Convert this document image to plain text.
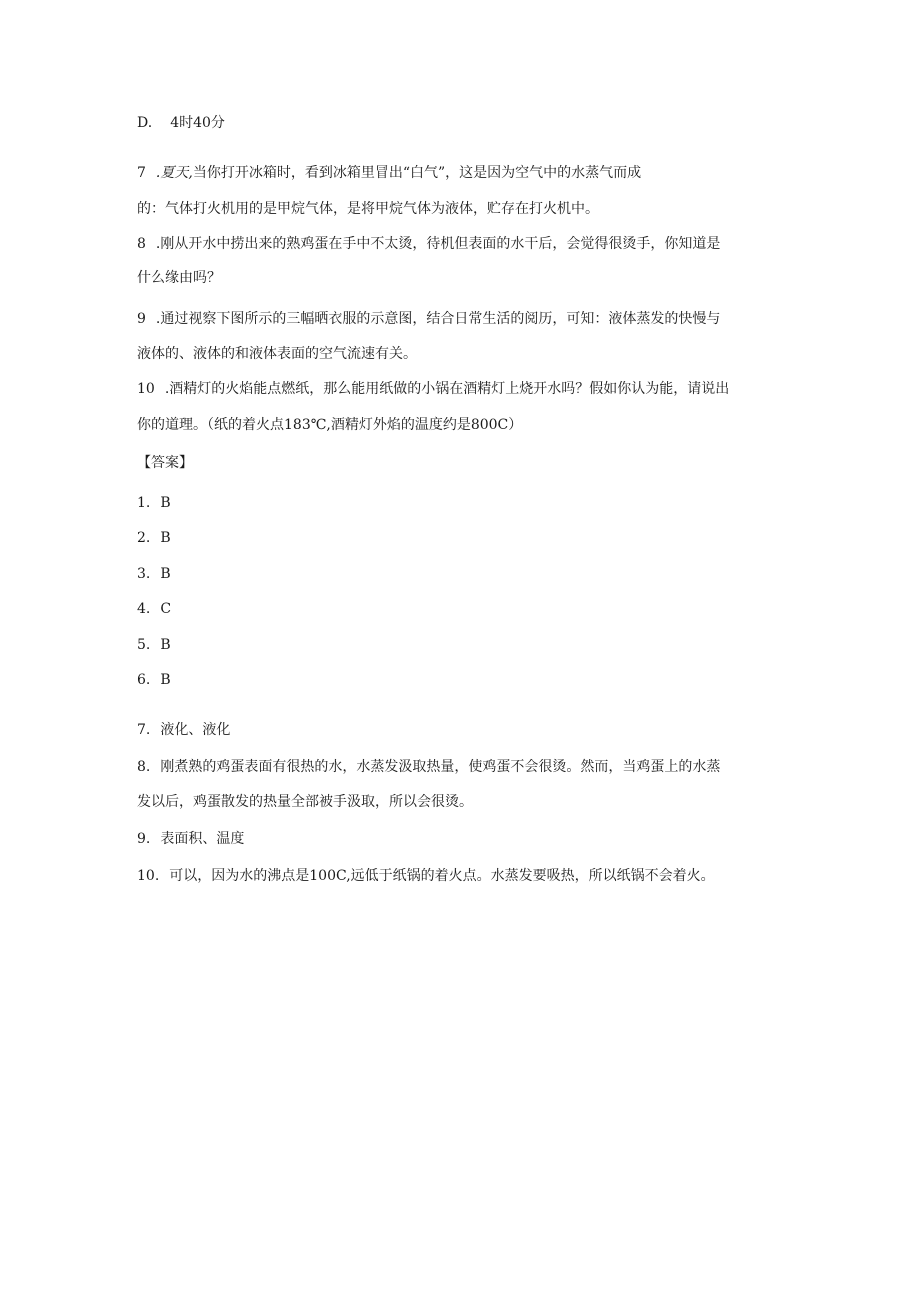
D. 4时40分
7 .夏天,当你打开冰箱时，看到冰箱里冒出“白气”，这是因为空气中的水蒸气而成
的：气体打火机用的是甲烷气体，是将甲烷气体为液体，贮存在打火机中。
8 .刚从开水中捞出来的熟鸡蛋在手中不太烫，待机但表面的水干后，会觉得很烫手，你知道是
什么缘由吗？
9 .通过视察下图所示的三幅晒衣服的示意图，结合日常生活的阅历，可知：液体蒸发的快慢与
液体的、液体的和液体表面的空气流速有关。
10 .酒精灯的火焰能点燃纸，那么能用纸做的小锅在酒精灯上烧开水吗？假如你认为能，请说出
你的道理。（纸的着火点183℃,酒精灯外焰的温度约是800C）
【答案】
1. B
2. B
3. B
4. C
5. B
6. B
7. 液化、液化
8. 刚煮熟的鸡蛋表面有很热的水，水蒸发汲取热量，使鸡蛋不会很烫。然而，当鸡蛋上的水蒸
发以后，鸡蛋散发的热量全部被手汲取，所以会很烫。
9. 表面积、温度
10. 可以，因为水的沸点是100C,远低于纸锅的着火点。水蒸发要吸热，所以纸锅不会着火。
